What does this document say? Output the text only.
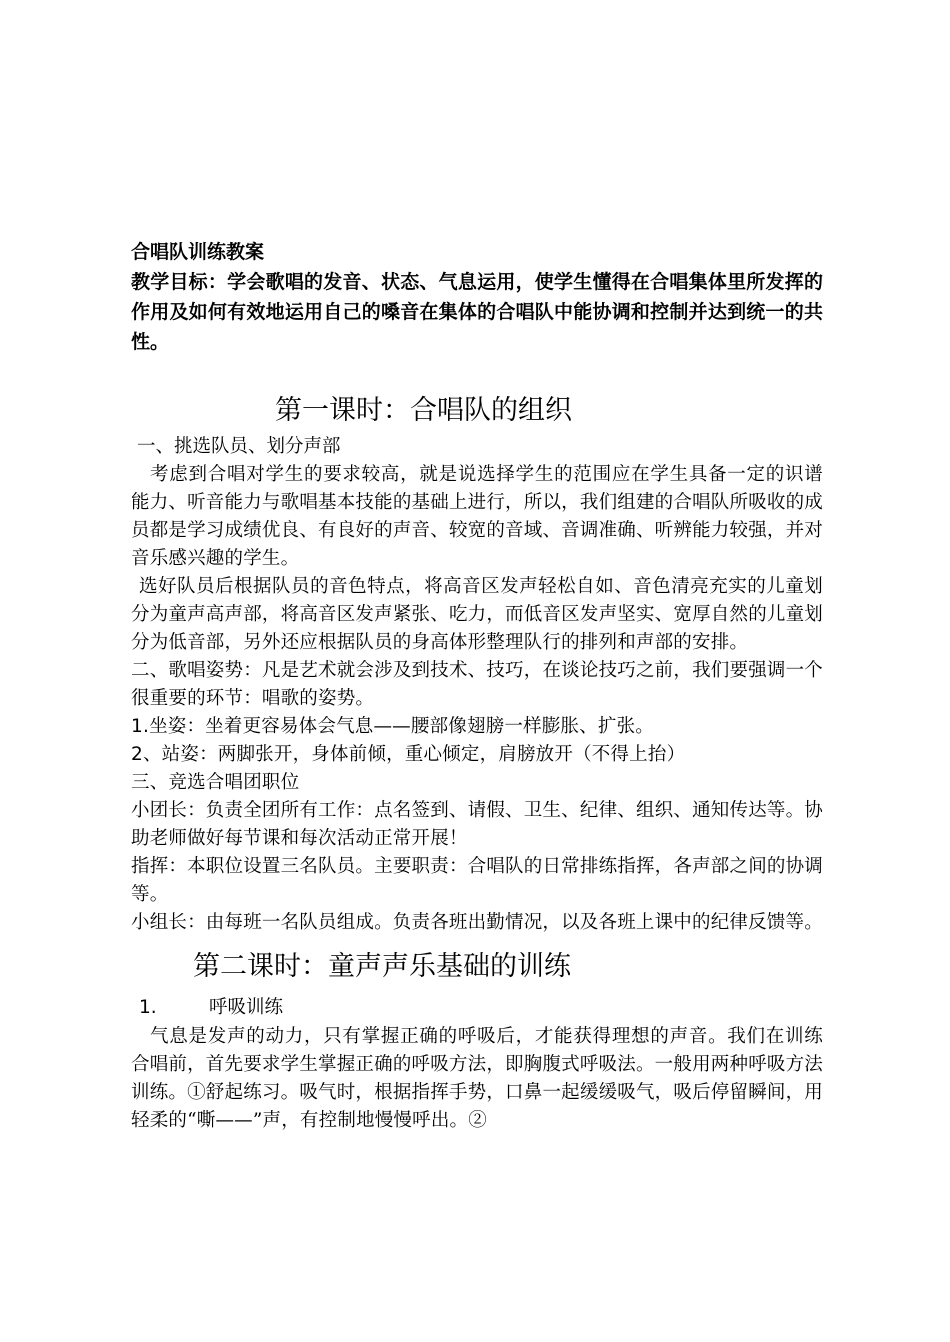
合唱队训练教案

教学目标：学会歌唱的发音、状态、气息运用，使学生懂得在合唱集体里所发挥的作用及如何有效地运用自己的嗓音在集体的合唱队中能协调和控制并达到统一的共性。

第一课时：合唱队的组织

一、挑选队员、划分声部

考虑到合唱对学生的要求较高，就是说选择学生的范围应在学生具备一定的识谱能力、听音能力与歌唱基本技能的基础上进行，所以，我们组建的合唱队所吸收的成员都是学习成绩优良、有良好的声音、较宽的音域、音调准确、听辨能力较强，并对音乐感兴趣的学生。

选好队员后根据队员的音色特点，将高音区发声轻松自如、音色清亮充实的儿童划分为童声高声部，将高音区发声紧张、吃力，而低音区发声坚实、宽厚自然的儿童划分为低音部，另外还应根据队员的身高体形整理队行的排列和声部的安排。

二、歌唱姿势：凡是艺术就会涉及到技术、技巧，在谈论技巧之前，我们要强调一个很重要的环节：唱歌的姿势。

1.坐姿：坐着更容易体会气息——腰部像翅膀一样膨胀、扩张。

2、站姿：两脚张开，身体前倾，重心倾定，肩膀放开（不得上抬）

三、竞选合唱团职位

小团长：负责全团所有工作：点名签到、请假、卫生、纪律、组织、通知传达等。协助老师做好每节课和每次活动正常开展！

指挥：本职位设置三名队员。主要职责：合唱队的日常排练指挥，各声部之间的协调等。

小组长：由每班一名队员组成。负责各班出勤情况，以及各班上课中的纪律反馈等。

第二课时：童声声乐基础的训练

1.	呼吸训练

气息是发声的动力，只有掌握正确的呼吸后，才能获得理想的声音。我们在训练合唱前，首先要求学生掌握正确的呼吸方法，即胸腹式呼吸法。一般用两种呼吸方法训练。①舒起练习。吸气时，根据指挥手势，口鼻一起缓缓吸气，吸后停留瞬间，用轻柔的“嘶——”声，有控制地慢慢呼出。②
